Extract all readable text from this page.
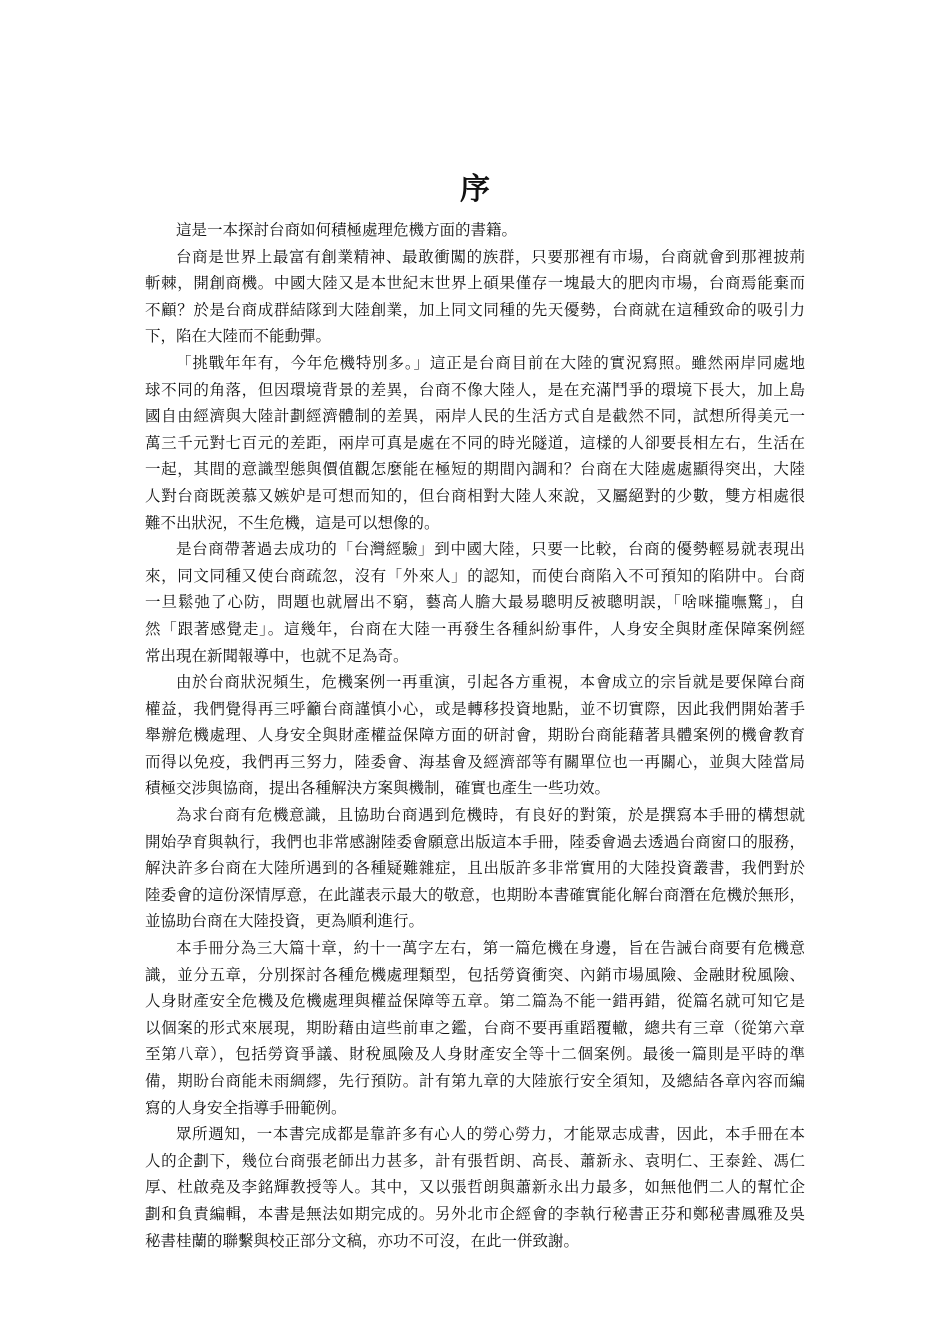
序
這是一本探討台商如何積極處理危機方面的書籍。
台商是世界上最富有創業精神、最敢衝闖的族群，只要那裡有市場，台商就會到那裡披荊
斬棘，開創商機。中國大陸又是本世紀末世界上碩果僅存一塊最大的肥肉市場，台商焉能棄而
不顧？於是台商成群結隊到大陸創業，加上同文同種的先天優勢，台商就在這種致命的吸引力
下，陷在大陸而不能動彈。
「挑戰年年有，今年危機特別多。」這正是台商目前在大陸的實況寫照。雖然兩岸同處地
球不同的角落，但因環境背景的差異，台商不像大陸人，是在充滿鬥爭的環境下長大，加上島
國自由經濟與大陸計劃經濟體制的差異，兩岸人民的生活方式自是截然不同，試想所得美元一
萬三千元對七百元的差距，兩岸可真是處在不同的時光隧道，這樣的人卻要長相左右，生活在
一起，其間的意識型態與價值觀怎麼能在極短的期間內調和？台商在大陸處處顯得突出，大陸
人對台商既羨慕又嫉妒是可想而知的，但台商相對大陸人來說，又屬絕對的少數，雙方相處很
難不出狀況，不生危機，這是可以想像的。
是台商帶著過去成功的「台灣經驗」到中國大陸，只要一比較，台商的優勢輕易就表現出
來，同文同種又使台商疏忽，沒有「外來人」的認知，而使台商陷入不可預知的陷阱中。台商
一旦鬆弛了心防，問題也就層出不窮，藝高人膽大最易聰明反被聰明誤，「啥咪攏嘸驚」，自
然「跟著感覺走」。這幾年，台商在大陸一再發生各種糾紛事件，人身安全與財產保障案例經
常出現在新聞報導中，也就不足為奇。
由於台商狀況頻生，危機案例一再重演，引起各方重視，本會成立的宗旨就是要保障台商
權益，我們覺得再三呼籲台商謹慎小心，或是轉移投資地點，並不切實際，因此我們開始著手
舉辦危機處理、人身安全與財產權益保障方面的研討會，期盼台商能藉著具體案例的機會教育
而得以免疫，我們再三努力，陸委會、海基會及經濟部等有關單位也一再關心，並與大陸當局
積極交涉與協商，提出各種解決方案與機制，確實也產生一些功效。
為求台商有危機意識，且協助台商遇到危機時，有良好的對策，於是撰寫本手冊的構想就
開始孕育與執行，我們也非常感謝陸委會願意出版這本手冊，陸委會過去透過台商窗口的服務，
解決許多台商在大陸所遇到的各種疑難雜症，且出版許多非常實用的大陸投資叢書，我們對於
陸委會的這份深情厚意，在此謹表示最大的敬意，也期盼本書確實能化解台商潛在危機於無形，
並協助台商在大陸投資，更為順利進行。
本手冊分為三大篇十章，約十一萬字左右，第一篇危機在身邊，旨在告誡台商要有危機意
識，並分五章，分別探討各種危機處理類型，包括勞資衝突、內銷市場風險、金融財稅風險、
人身財產安全危機及危機處理與權益保障等五章。第二篇為不能一錯再錯，從篇名就可知它是
以個案的形式來展現，期盼藉由這些前車之鑑，台商不要再重蹈覆轍，總共有三章（從第六章
至第八章），包括勞資爭議、財稅風險及人身財產安全等十二個案例。最後一篇則是平時的準
備，期盼台商能未雨綢繆，先行預防。計有第九章的大陸旅行安全須知，及總結各章內容而編
寫的人身安全指導手冊範例。
眾所週知，一本書完成都是靠許多有心人的勞心勞力，才能眾志成書，因此，本手冊在本
人的企劃下，幾位台商張老師出力甚多，計有張哲朗、高長、蕭新永、袁明仁、王泰銓、馮仁
厚、杜啟堯及李銘輝教授等人。其中，又以張哲朗與蕭新永出力最多，如無他們二人的幫忙企
劃和負責編輯，本書是無法如期完成的。另外北市企經會的李執行秘書正芬和鄭秘書鳳雅及吳
秘書桂蘭的聯繫與校正部分文稿，亦功不可沒，在此一併致謝。
